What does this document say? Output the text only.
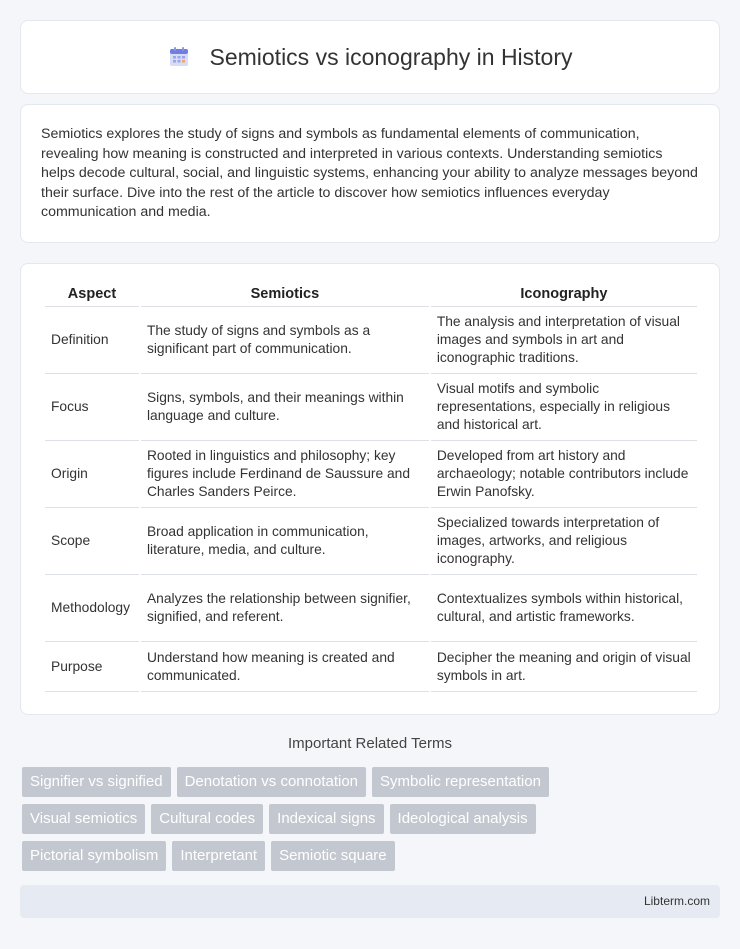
Semiotics vs iconography in History

Semiotics explores the study of signs and symbols as fundamental elements of communication, revealing how meaning is constructed and interpreted in various contexts. Understanding semiotics helps decode cultural, social, and linguistic systems, enhancing your ability to analyze messages beyond their surface. Dive into the rest of the article to discover how semiotics influences everyday communication and media.

Aspect	Semiotics	Iconography
Definition	The study of signs and symbols as a significant part of communication.	The analysis and interpretation of visual images and symbols in art and iconographic traditions.
Focus	Signs, symbols, and their meanings within language and culture.	Visual motifs and symbolic representations, especially in religious and historical art.
Origin	Rooted in linguistics and philosophy; key figures include Ferdinand de Saussure and Charles Sanders Peirce.	Developed from art history and archaeology; notable contributors include Erwin Panofsky.
Scope	Broad application in communication, literature, media, and culture.	Specialized towards interpretation of images, artworks, and religious iconography.
Methodology	Analyzes the relationship between signifier, signified, and referent.	Contextualizes symbols within historical, cultural, and artistic frameworks.
Purpose	Understand how meaning is created and communicated.	Decipher the meaning and origin of visual symbols in art.
Important Related Terms
Signifier vs signified	Denotation vs connotation	Symbolic representation
Visual semiotics	Cultural codes	Indexical signs	Ideological analysis
Pictorial symbolism	Interpretant	Semiotic square
Libterm.com
